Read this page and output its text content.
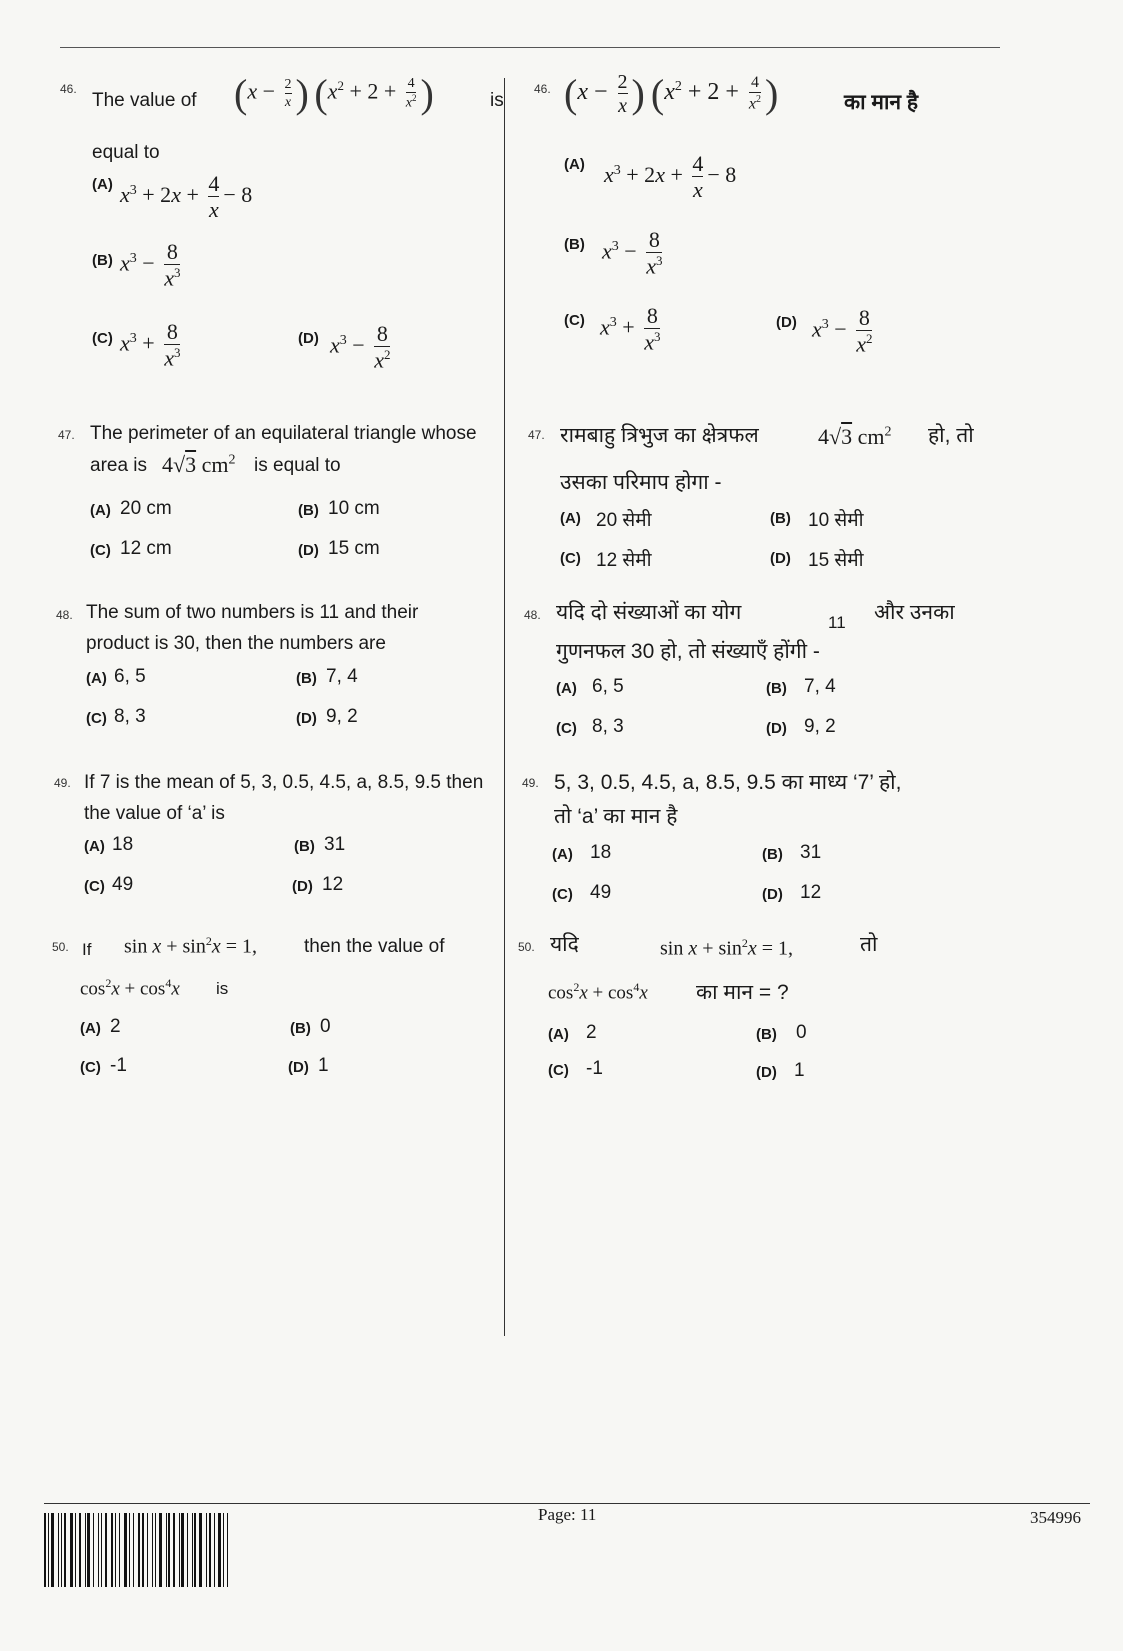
46.
The value of ($x - \frac{2}{x}$ ) ($x^2 + 2 + \frac{4}{x^2}$ )	is
equal to
(A) $x^3 + 2x + \frac{4}{x} - 8$
(B) $x^3 - \frac{8}{x^3}$
(C) $x^3 + \frac{8}{x^3}$	(D) $x^3 - \frac{8}{x^2}$
46. ($x - \frac{2}{x}$ ) ($x^2 + 2 + \frac{4}{x^2}$ )	का मान है
(A) $x^3 + 2x + \frac{4}{x} - 8$
(B) $x^3 - \frac{8}{x^3}$
(C) $x^3 + \frac{8}{x^3}$	(D) $x^3 - \frac{8}{x^2}$
47. The perimeter of an equilateral triangle whose
area is 4√3 $cm^2$ is equal to
(A) 20 cm	(B) 10 cm
(C) 12 cm	(D) 15 cm
47. रामबाहु त्रिभुज का क्षेत्रफल	4√3 $cm^2$ हो, तो
उसका परिमाप होगा -
(A) 20 सेमी	(B) 10 सेमी
(C) 12 सेमी	(D) 15 सेमी
48. The sum of two numbers is 11 and their
product is 30, then the numbers are
(A) 6, 5	(B) 7, 4
(C) 8, 3	(D) 9, 2
48. यदि दो संख्याओं का योग	11 और उनका
गुणनफल 30 हो, तो संख्याएँ होंगी -
(A) 6, 5	(B) 7, 4
(C) 8, 3	(D) 9, 2
49. If 7 is the mean of 5, 3, 0.5, 4.5, a, 8.5, 9.5 then
the value of ‘a’ is
(A) 18	(B) 31
(C) 49	(D) 12
49. 5, 3, 0.5, 4.5, a, 8.5, 9.5 का माध्य ‘7’ हो,
तो ‘a’ का मान है
(A) 18	(B) 31
(C) 49	(D) 12
50. If $\sin x + \sin^2x = 1$, then the value of
$\cos^2x + \cos^4x$ is
(A) 2	(B) 0
(C) -1	(D) 1
50. यदि	$\sin x + \sin^2x = 1$,	तो
$\cos^2x + \cos^4x$ का मान = ?
(A) 2	(B) 0
(C) -1	(D) 1
Page: 11	354996
